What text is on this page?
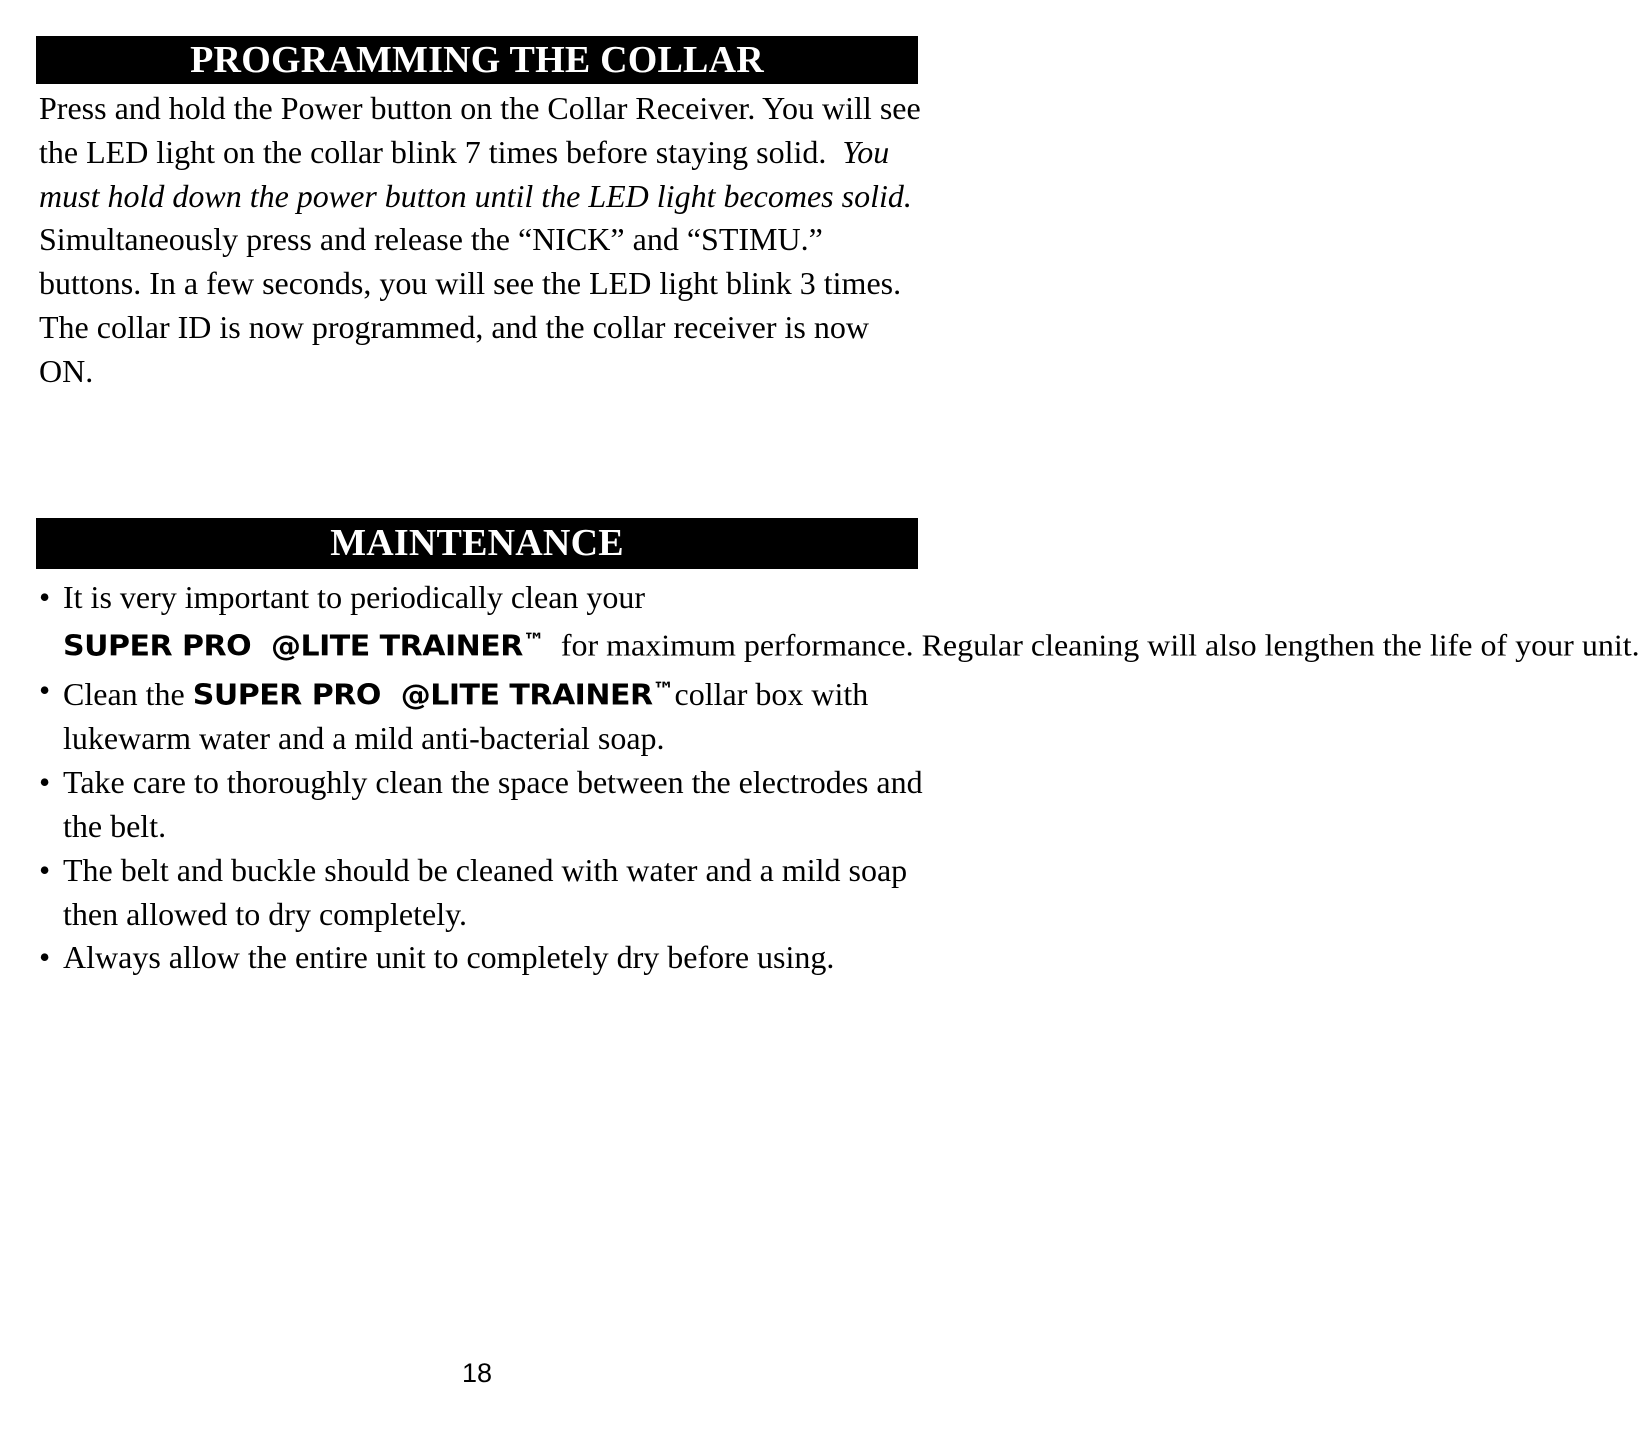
PROGRAMMING THE COLLAR

Press and hold the Power button on the Collar Receiver. You will see the LED light on the collar blink 7 times before staying solid. You must hold down the power button until the LED light becomes solid.  Simultaneously press and release the “NICK” and “STIMU.” buttons. In a few seconds, you will see the LED light blink 3 times. The collar ID is now programmed, and the collar receiver is now ON.

MAINTENANCE
• It is very important to periodically clean your
SUPER PRO @LITE TRAINER™ for maximum performance. Regular cleaning will also lengthen the life of your unit.
• Clean the SUPER PRO @LITE TRAINER™collar box with lukewarm water and a mild anti-bacterial soap.
• Take care to thoroughly clean the space between the electrodes and the belt.
• The belt and buckle should be cleaned with water and a mild soap then allowed to dry completely.
• Always allow the entire unit to completely dry before using.
18
